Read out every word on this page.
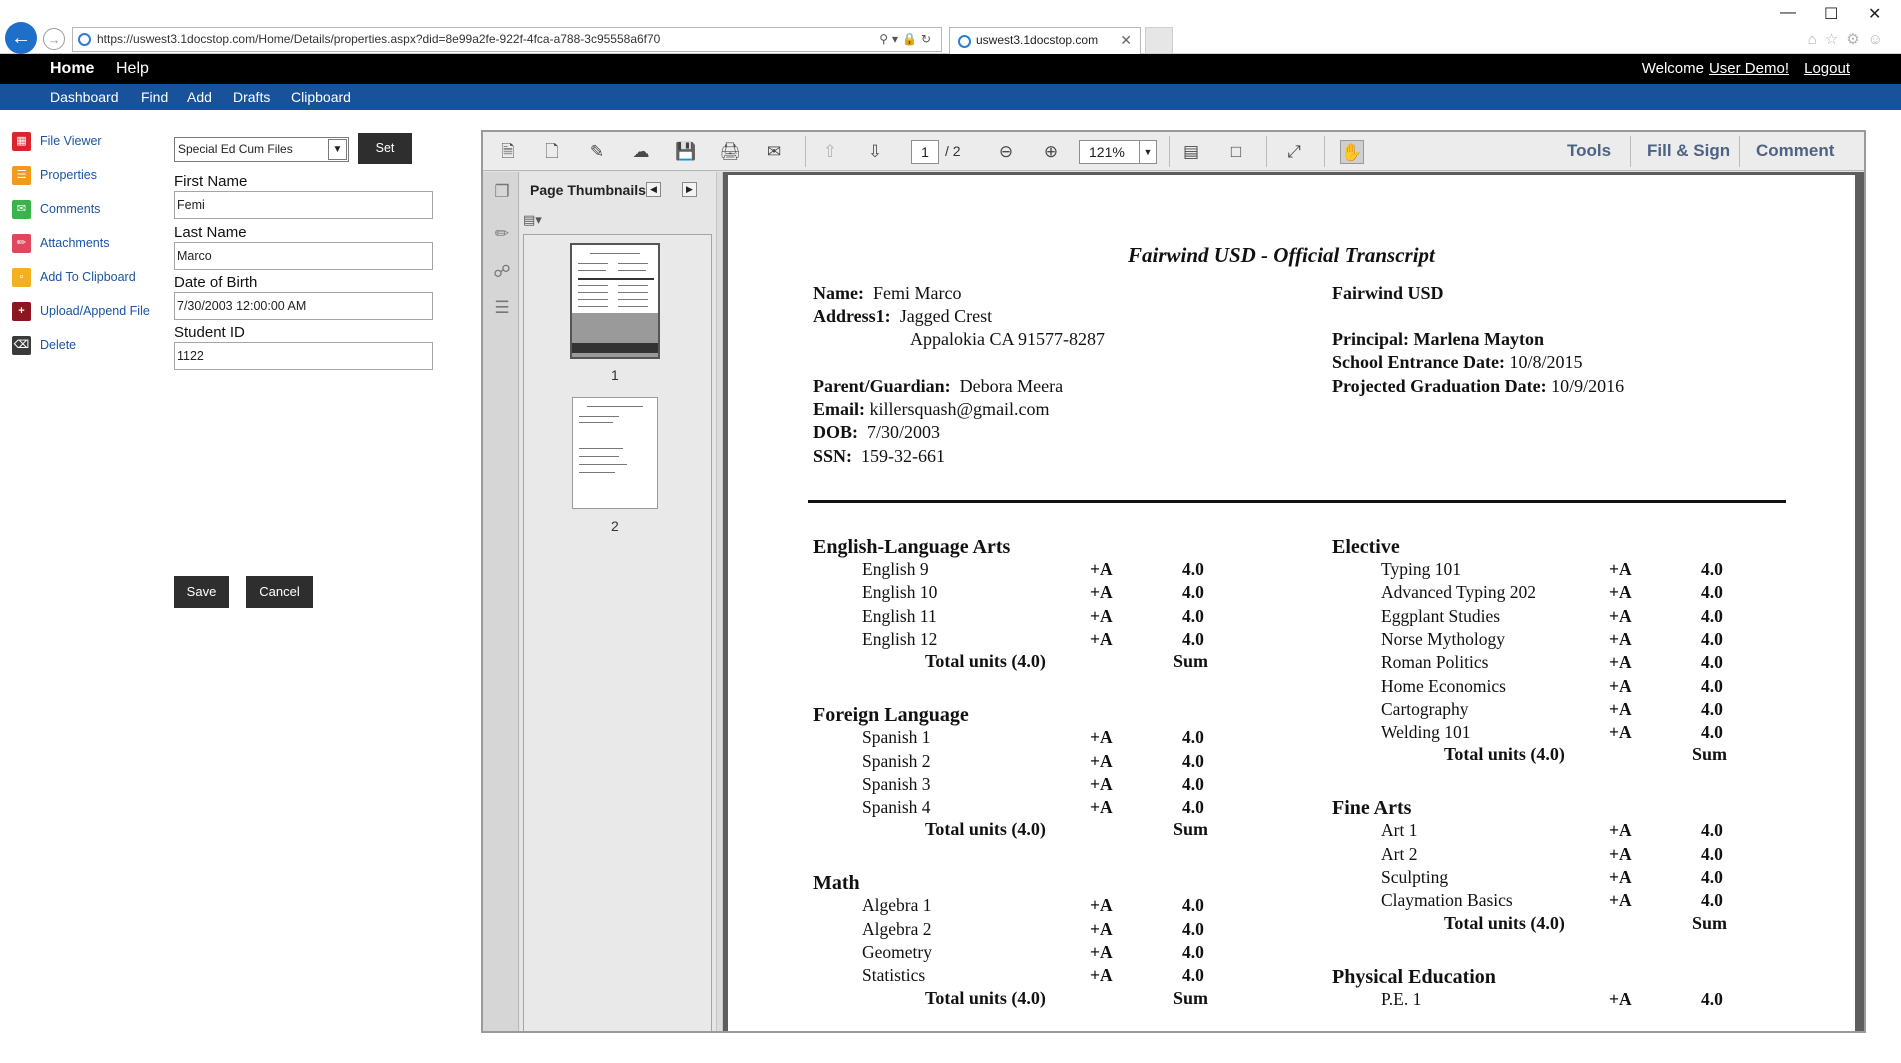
←	→	https://uswest3.1docstop.com/Home/Details/properties.aspx?did=8e99a2fe-922f-4fca-a788-3c95558a6f70	⚲▾🔒↻	uswest3.1docstop.com ✕
— ☐ ✕
⌂☆⚙☺
Home Help	Welcome User Demo! Logout
Dashboard Find Add Drafts Clipboard
▦	File Viewer
☰	Properties
✉	Comments
✏	Attachments
▫	Add To Clipboard
+	Upload/Append File
⌫ Delete
Special Ed Cum Files	▼	Set
First Name
Femi
Last Name
Marco
Date of Birth
7/30/2003 12:00:00 AM
Student ID
1122
Save	Cancel
🗎	🗋	✎ ☁ 💾 🖨 ✉ ⇧ ⇩	1	/ 2 ⊖ ⊕	121%	▼ ▤	□	⤢	✋	Tools Fill & Sign Comment
❐
✏
☍
☰
Page Thumbnails ◀	▶
▤▾
1
2
Fairwind USD - Official Transcript
Name: Femi Marco
Address1: Jagged Crest
Appalokia CA 91577-8287
Parent/Guardian: Debora Meera
Email: killersquash@gmail.com
DOB: 7/30/2003
SSN: 159-32-661
Fairwind USD
Principal: Marlena Mayton
School Entrance Date: 10/8/2015
Projected Graduation Date: 10/9/2016
English-Language Arts
English 9	+A	4.0
English 10	+A	4.0
English 11	+A	4.0
English 12	+A	4.0
Total units (4.0)	Sum
Foreign Language
Spanish 1	+A	4.0
Spanish 2	+A	4.0
Spanish 3	+A	4.0
Spanish 4	+A	4.0
Total units (4.0)	Sum
Math
Algebra 1	+A	4.0
Algebra 2	+A	4.0
Geometry	+A	4.0
Statistics	+A	4.0
Total units (4.0)	Sum
Elective
Typing 101	+A	4.0
Advanced Typing 202	+A	4.0
Eggplant Studies	+A	4.0
Norse Mythology	+A	4.0
Roman Politics	+A	4.0
Home Economics	+A	4.0
Cartography	+A	4.0
Welding 101	+A	4.0
Total units (4.0)	Sum
Fine Arts
Art 1	+A	4.0
Art 2	+A	4.0
Sculpting	+A	4.0
Claymation Basics	+A	4.0
Total units (4.0)	Sum
Physical Education
P.E. 1	+A	4.0
